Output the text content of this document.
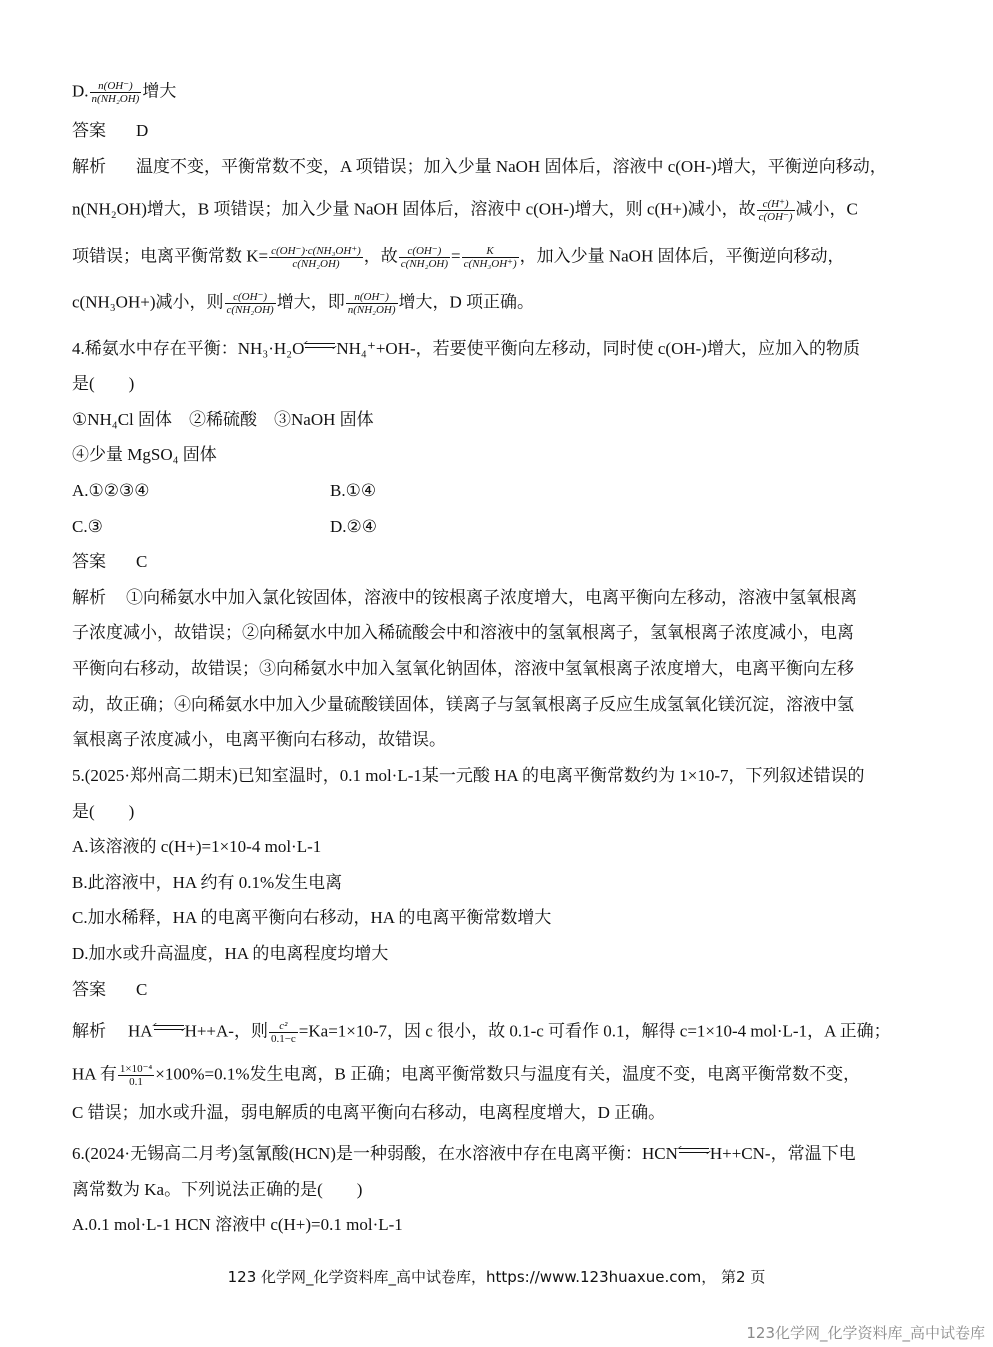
D. $\frac{n(OH^-)}{\text{n(NH₂OH)}}$ 增大
答案 D
解析 温度不变，平衡常数不变，A 项错误；加入少量 NaOH 固体后，溶液中 c(OH-)增大，平衡逆向移动，
n(NH₂OH)增大，B 项错误；加入少量 NaOH 固体后，溶液中 c(OH-)增大，则 c(H+)减小，故 $\frac{c(H^+)}{c(OH^-)}$ 减小，C
项错误；电离平衡常数 $K= \frac{\text{c(OH⁻)·c(NH₃OH⁺)}}{\text{c(NH₂OH)}}$ ，故 $\frac{c(OH^-)}{\text{c(NH₂OH)}} = \frac{K}{\text{c(NH₃OH⁺)}}$ ，加入少量 NaOH 固体后，平衡逆向移动，
c(NH₃OH+)减小，则 $\frac{c(OH^-)}{\text{c(NH₂OH)}}$ 增大，即 $\frac{n(OH^-)}{\text{n(NH₂OH)}}$ 增大，D 项正确。
4.稀氨水中存在平衡：NH₃·H₂O NH₄⁺+OH-，若要使平衡向左移动，同时使 c(OH-)增大，应加入的物质
是(　　)
①NH₄Cl 固体　②稀硫酸　③NaOH 固体
④少量 MgSO₄ 固体
A.①②③④	B.①④
C.③	D.②④
答案 C
解析 ①向稀氨水中加入氯化铵固体，溶液中的铵根离子浓度增大，电离平衡向左移动，溶液中氢氧根离
子浓度减小，故错误；②向稀氨水中加入稀硫酸会中和溶液中的氢氧根离子，氢氧根离子浓度减小，电离
平衡向右移动，故错误；③向稀氨水中加入氢氧化钠固体，溶液中氢氧根离子浓度增大，电离平衡向左移
动，故正确；④向稀氨水中加入少量硫酸镁固体，镁离子与氢氧根离子反应生成氢氧化镁沉淀，溶液中氢
氧根离子浓度减小，电离平衡向右移动，故错误。
5.(2025·郑州高二期末)已知室温时，0.1 mol·L-1某一元酸 HA 的电离平衡常数约为 1×10-7，下列叙述错误的
是(　　)
A.该溶液的 c(H+)=1×10-4 mol·L-1
B.此溶液中，HA 约有 0.1%发生电离
C.加水稀释，HA 的电离平衡向右移动，HA 的电离平衡常数增大
D.加水或升高温度，HA 的电离程度均增大
答案 C
解析 HA H++A-，则 $\frac{\text{c²}}{0.1-c} =Ka=1\times 10-7$，因 c 很小，故 0.1-c 可看作 0.1，解得 c=1×10-4 mol·L-1，A 正确；
HA 有 $\frac{\text{1×10⁻⁴}}{0.1} \times 100\%=0.1\%$发生电离，B 正确；电离平衡常数只与温度有关，温度不变，电离平衡常数不变，
C 错误；加水或升温，弱电解质的电离平衡向右移动，电离程度增大，D 正确。
6.(2024·无锡高二月考)氢氰酸(HCN)是一种弱酸，在水溶液中存在电离平衡：HCN H++CN-，常温下电
离常数为 Ka。下列说法正确的是(　　)
A.0.1 mol·L-1 HCN 溶液中 c(H+)=0.1 mol·L-1
123 化学网_化学资料库_高中试卷库，https://www.123huaxue.com， 第2 页
123化学网_化学资料库_高中试卷库
